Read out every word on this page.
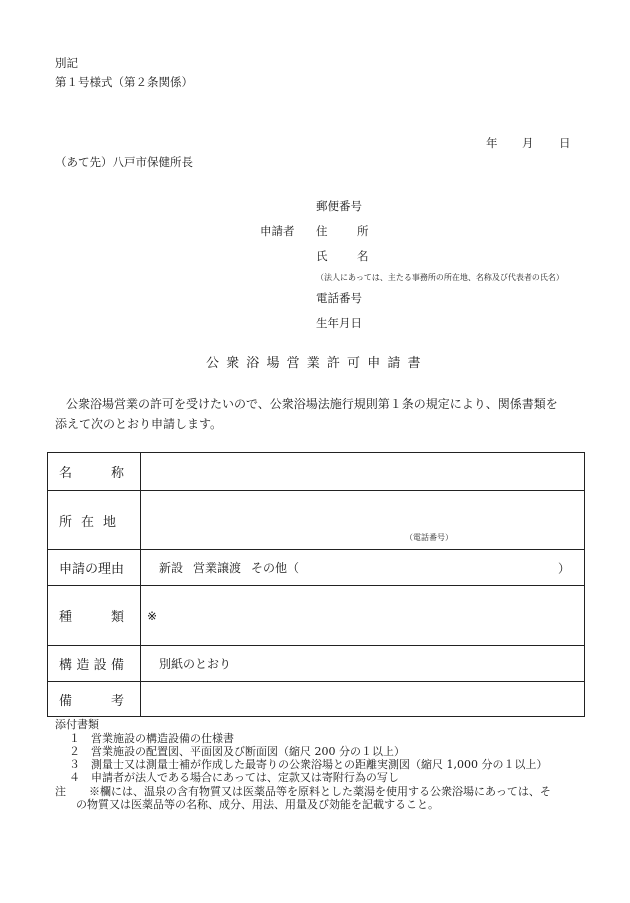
別記
第１号様式（第２条関係）
年 月 日
（あて先）八戸市保健所長
郵便番号
申請者 住	所
氏	名
（法人にあっては、主たる事務所の所在地、名称及び代表者の氏名）
電話番号
生年月日
公衆浴場営業許可申請書
公衆浴場営業の許可を受けたいので、公衆浴場法施行規則第１条の規定により、関係書類を
添えて次のとおり申請します。
名 称	

所 在 地	（電話番号）

申請の理由	新設 営業譲渡 その他（ ）

種 類	※

構 造 設 備	別紙のとおり

備 考	

添付書類
１　営業施設の構造設備の仕様書
２　営業施設の配置図、平面図及び断面図（縮尺 200 分の１以上）
３　測量士又は測量士補が作成した最寄りの公衆浴場との距離実測図（縮尺 1,000 分の１以上）
４　申請者が法人である場合にあっては、定款又は寄附行為の写し
注 ※欄には、温泉の含有物質又は医薬品等を原料とした薬湯を使用する公衆浴場にあっては、そ
の物質又は医薬品等の名称、成分、用法、用量及び効能を記載すること。
